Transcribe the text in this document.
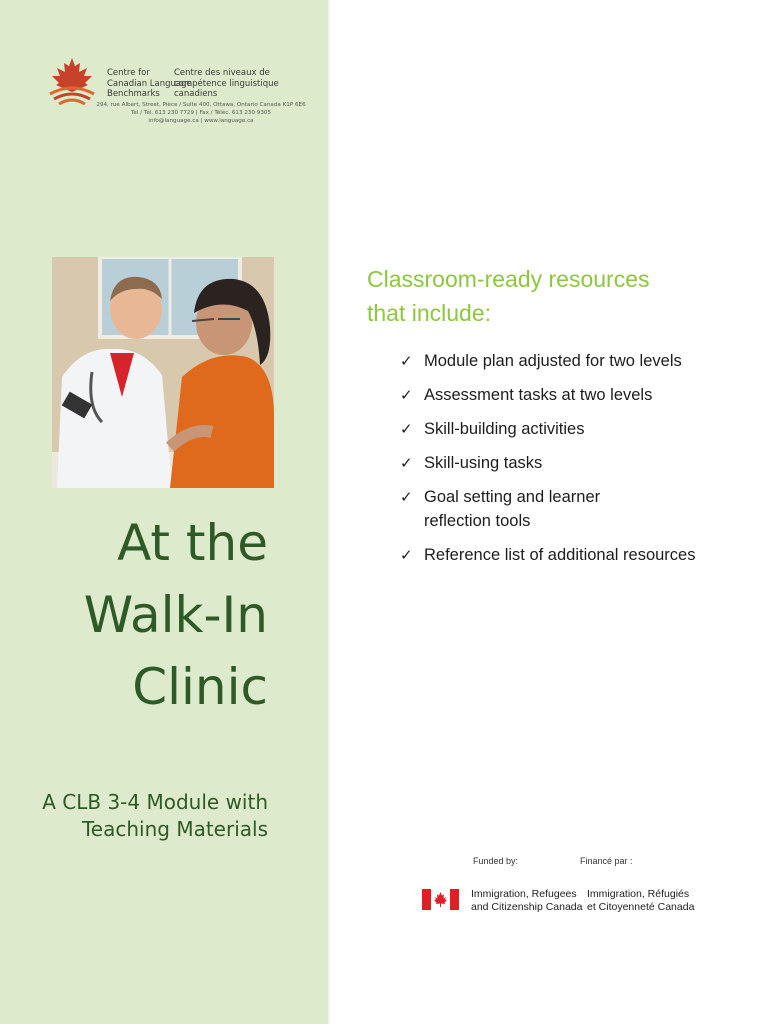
Centre for
Canadian Language
Benchmarks
Centre des niveaux de
compétence linguistique
canadiens
294, rue Albert, Street, Pièce / Suite 400, Ottawa, Ontario Canada K1P 6E6
Tel / Tél. 613 230 7729 | Fax / Téléc. 613 230 9305
info@language.ca | www.language.ca
At the
Walk-In
Clinic
A CLB 3-4 Module with
Teaching Materials
Classroom-ready resources
that include:
✓ Module plan adjusted for two levels
✓ Assessment tasks at two levels
✓ Skill-building activities
✓ Skill-using tasks
✓ Goal setting and learner reflection tools
✓ Reference list of additional resources
Funded by:	Financé par :
Immigration, Refugees
and Citizenship Canada
Immigration, Réfugiés
et Citoyenneté Canada
